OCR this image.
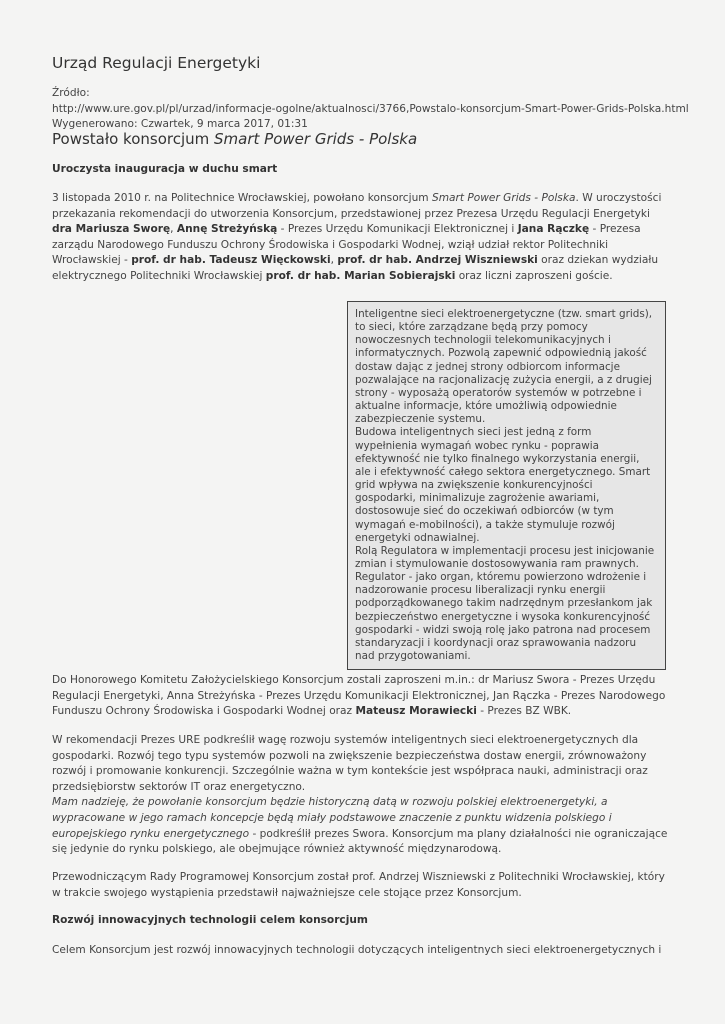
Urząd Regulacji Energetyki
Źródło:
http://www.ure.gov.pl/pl/urzad/informacje-ogolne/aktualnosci/3766,Powstalo-konsorcjum-Smart-Power-Grids-Polska.html
Wygenerowano: Czwartek, 9 marca 2017, 01:31
Powstało konsorcjum Smart Power Grids - Polska
Uroczysta inauguracja w duchu smart
3 listopada 2010 r. na Politechnice Wrocławskiej, powołano konsorcjum Smart Power Grids - Polska. W uroczystości przekazania rekomendacji do utworzenia Konsorcjum, przedstawionej przez Prezesa Urzędu Regulacji Energetyki dra Mariusza Sworę, Annę Streżyńską - Prezes Urzędu Komunikacji Elektronicznej i Jana Rączkę - Prezesa zarządu Narodowego Funduszu Ochrony Środowiska i Gospodarki Wodnej, wziął udział rektor Politechniki Wrocławskiej - prof. dr hab. Tadeusz Więckowski, prof. dr hab. Andrzej Wiszniewski oraz dziekan wydziału elektrycznego Politechniki Wrocławskiej prof. dr hab. Marian Sobierajski oraz liczni zaproszeni goście.
Inteligentne sieci elektroenergetyczne (tzw. smart grids), to sieci, które zarządzane będą przy pomocy nowoczesnych technologii telekomunikacyjnych i informatycznych. Pozwolą zapewnić odpowiednią jakość dostaw dając z jednej strony odbiorcom informacje pozwalające na racjonalizację zużycia energii, a z drugiej strony - wyposażą operatorów systemów w potrzebne i aktualne informacje, które umożliwią odpowiednie zabezpieczenie systemu.
Budowa inteligentnych sieci jest jedną z form wypełnienia wymagań wobec rynku - poprawia efektywność nie tylko finalnego wykorzystania energii, ale i efektywność całego sektora energetycznego. Smart grid wpływa na zwiększenie konkurencyjności gospodarki, minimalizuje zagrożenie awariami, dostosowuje sieć do oczekiwań odbiorców (w tym wymagań e-mobilności), a także stymuluje rozwój energetyki odnawialnej.
Rolą Regulatora w implementacji procesu jest inicjowanie zmian i stymulowanie dostosowywania ram prawnych. Regulator - jako organ, któremu powierzono wdrożenie i nadzorowanie procesu liberalizacji rynku energii podporządkowanego takim nadrzędnym przesłankom jak bezpieczeństwo energetyczne i wysoka konkurencyjność gospodarki - widzi swoją rolę jako patrona nad procesem standaryzacji i koordynacji oraz sprawowania nadzoru nad przygotowaniami.
Do Honorowego Komitetu Założycielskiego Konsorcjum zostali zaproszeni m.in.: dr Mariusz Swora - Prezes Urzędu Regulacji Energetyki, Anna Streżyńska - Prezes Urzędu Komunikacji Elektronicznej, Jan Rączka - Prezes Narodowego Funduszu Ochrony Środowiska i Gospodarki Wodnej oraz Mateusz Morawiecki - Prezes BZ WBK.
W rekomendacji Prezes URE podkreślił wagę rozwoju systemów inteligentnych sieci elektroenergetycznych dla gospodarki. Rozwój tego typu systemów pozwoli na zwiększenie bezpieczeństwa dostaw energii, zrównoważony rozwój i promowanie konkurencji. Szczególnie ważna w tym kontekście jest współpraca nauki, administracji oraz przedsiębiorstw sektorów IT oraz energetyczno.
Mam nadzieję, że powołanie konsorcjum będzie historyczną datą w rozwoju polskiej elektroenergetyki, a wypracowane w jego ramach koncepcje będą miały podstawowe znaczenie z punktu widzenia polskiego i europejskiego rynku energetycznego - podkreślił prezes Swora. Konsorcjum ma plany działalności nie ograniczające się jedynie do rynku polskiego, ale obejmujące również aktywność międzynarodową.
Przewodniczącym Rady Programowej Konsorcjum został prof. Andrzej Wiszniewski z Politechniki Wrocławskiej, który w trakcie swojego wystąpienia przedstawił najważniejsze cele stojące przez Konsorcjum.
Rozwój innowacyjnych technologii celem konsorcjum
Celem Konsorcjum jest rozwój innowacyjnych technologii dotyczących inteligentnych sieci elektroenergetycznych i
